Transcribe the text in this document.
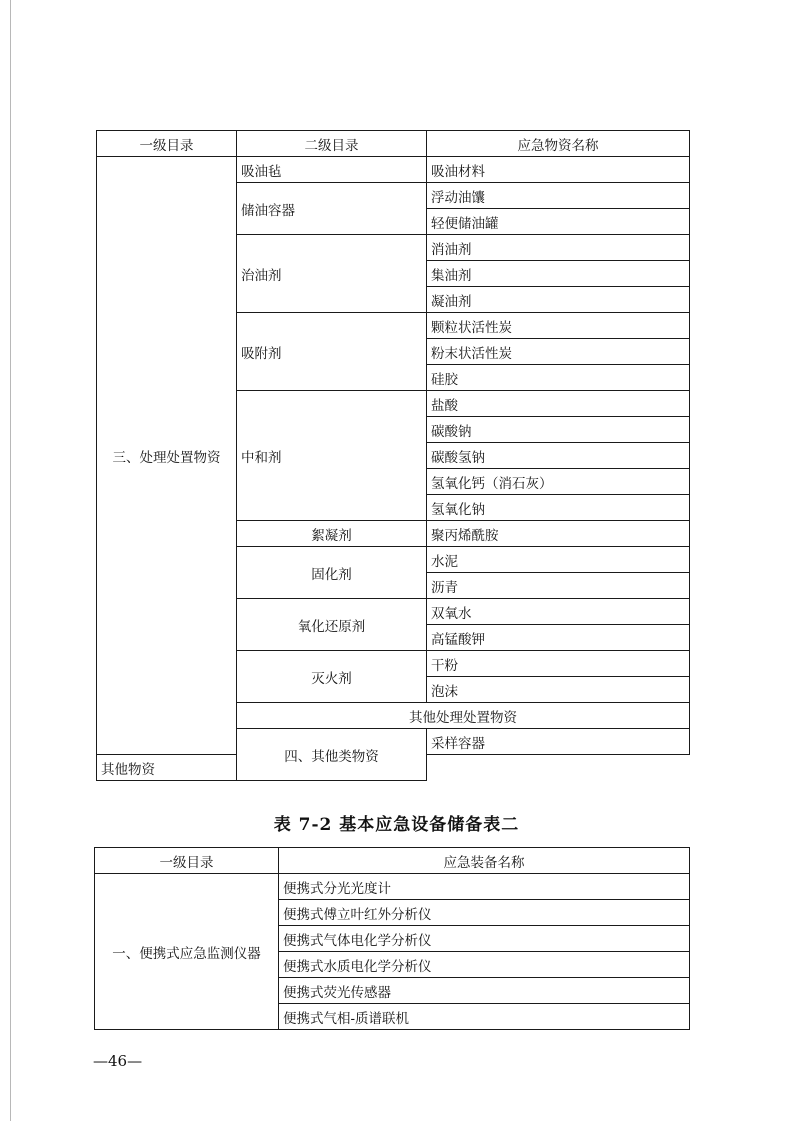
一级目录	二级目录	应急物资名称	
三、处理处置物资	吸油毡	吸油材料	
	储油容器	浮动油馕	
		轻便储油罐	
	治油剂	消油剂	
		集油剂	
		凝油剂	
	吸附剂	颗粒状活性炭	
		粉末状活性炭	
		硅胶	
	中和剂	盐酸	
		碳酸钠	
		碳酸氢钠	
		氢氧化钙（消石灰）	
		氢氧化钠	
	絮凝剂	聚丙烯酰胺	
	固化剂	水泥	
		沥青	
	氧化还原剂	双氧水	
		高锰酸钾	
	灭火剂	干粉	
		泡沫	
	其他处理处置物资		
	四、其他类物资	采样容器	
其他物资			
表 7-2 基本应急设备储备表二
一级目录	应急装备名称
一、便携式应急监测仪器	便携式分光光度计
	便携式傅立叶红外分析仪
	便携式气体电化学分析仪
	便携式水质电化学分析仪
	便携式荧光传感器
	便携式气相-质谱联机
—46—
